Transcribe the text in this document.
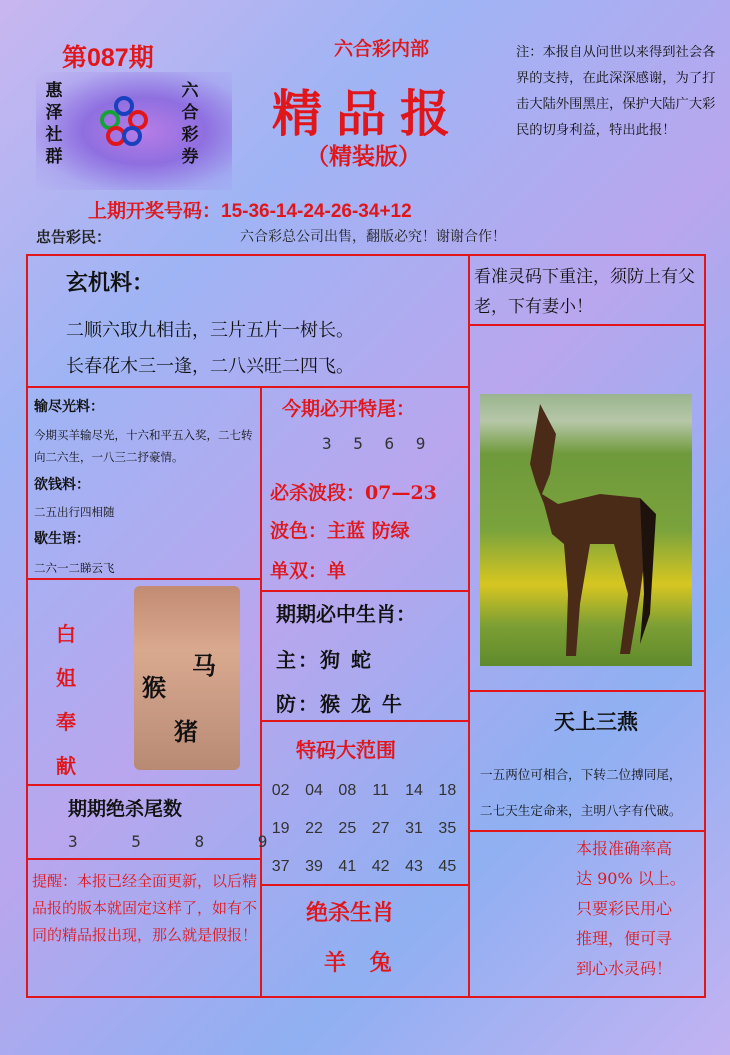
第087期	六合彩内部
惠
泽
社
群
六
合
彩
券
精品报
（精装版）
注：本报自从问世以来得到社会各界的支持，在此深深感谢，为了打击大陆外围黑庄，保护大陆广大彩民的切身利益，特出此报！
上期开奖号码：15-36-14-24-26-34+12
忠告彩民：	六合彩总公司出售，翻版必究！谢谢合作！
玄机料：
二顺六取九相击，三片五片一树长。
长春花木三一逢，二八兴旺二四飞。
看准灵码下重注，须防上有父老，下有妻小！
输尽光料：
今期买羊输尽光，十六和平五入奖，二七转向二六生，一八三二抒豪情。
欲钱料：
二五出行四相随
歇生语：
二六一二睇云飞
今期必开特尾：
3 5 6 9
必杀波段：07—23
波色：主蓝 防绿
单双：单
白
姐
奉
献
猴
马
猪
期期必中生肖：
主：狗 蛇
防：猴 龙 牛
期期绝杀尾数
3 5 8 9
特码大范围
02 04 08	11	14 18
19 22 25 27 31 35
37 39 41 42 43 45
提醒：本报已经全面更新，以后精品报的版本就固定这样了，如有不同的精品报出现，那么就是假报！
绝杀生肖
羊 兔
天上三燕
一五两位可相合，下转二位搏同尾，
二七天生定命来，主明八字有代破。
本报准确率高
达 90% 以上。
只要彩民用心
推理，便可寻
到心水灵码！
